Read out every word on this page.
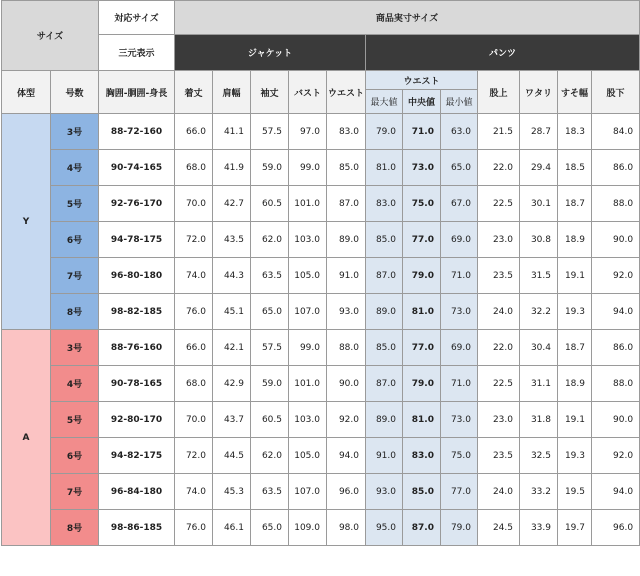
サイズ		対応サイズ	商品実寸サイズ											
		三元表示	ジャケット					パンツ						
体型	号数	胸囲-胴囲-身長	着丈	肩幅	袖丈	バスト	ウエスト	ウエスト			股上	ワタリ	すそ幅	股下
								最大値	中央値	最小値				
Y	3号	88-72-160	66.0	41.1	57.5	97.0	83.0	79.0	71.0	63.0	21.5	28.7	18.3	84.0
	4号	90-74-165	68.0	41.9	59.0	99.0	85.0	81.0	73.0	65.0	22.0	29.4	18.5	86.0
	5号	92-76-170	70.0	42.7	60.5	101.0	87.0	83.0	75.0	67.0	22.5	30.1	18.7	88.0
	6号	94-78-175	72.0	43.5	62.0	103.0	89.0	85.0	77.0	69.0	23.0	30.8	18.9	90.0
	7号	96-80-180	74.0	44.3	63.5	105.0	91.0	87.0	79.0	71.0	23.5	31.5	19.1	92.0
	8号	98-82-185	76.0	45.1	65.0	107.0	93.0	89.0	81.0	73.0	24.0	32.2	19.3	94.0
A	3号	88-76-160	66.0	42.1	57.5	99.0	88.0	85.0	77.0	69.0	22.0	30.4	18.7	86.0
	4号	90-78-165	68.0	42.9	59.0	101.0	90.0	87.0	79.0	71.0	22.5	31.1	18.9	88.0
	5号	92-80-170	70.0	43.7	60.5	103.0	92.0	89.0	81.0	73.0	23.0	31.8	19.1	90.0
	6号	94-82-175	72.0	44.5	62.0	105.0	94.0	91.0	83.0	75.0	23.5	32.5	19.3	92.0
	7号	96-84-180	74.0	45.3	63.5	107.0	96.0	93.0	85.0	77.0	24.0	33.2	19.5	94.0
	8号	98-86-185	76.0	46.1	65.0	109.0	98.0	95.0	87.0	79.0	24.5	33.9	19.7	96.0
